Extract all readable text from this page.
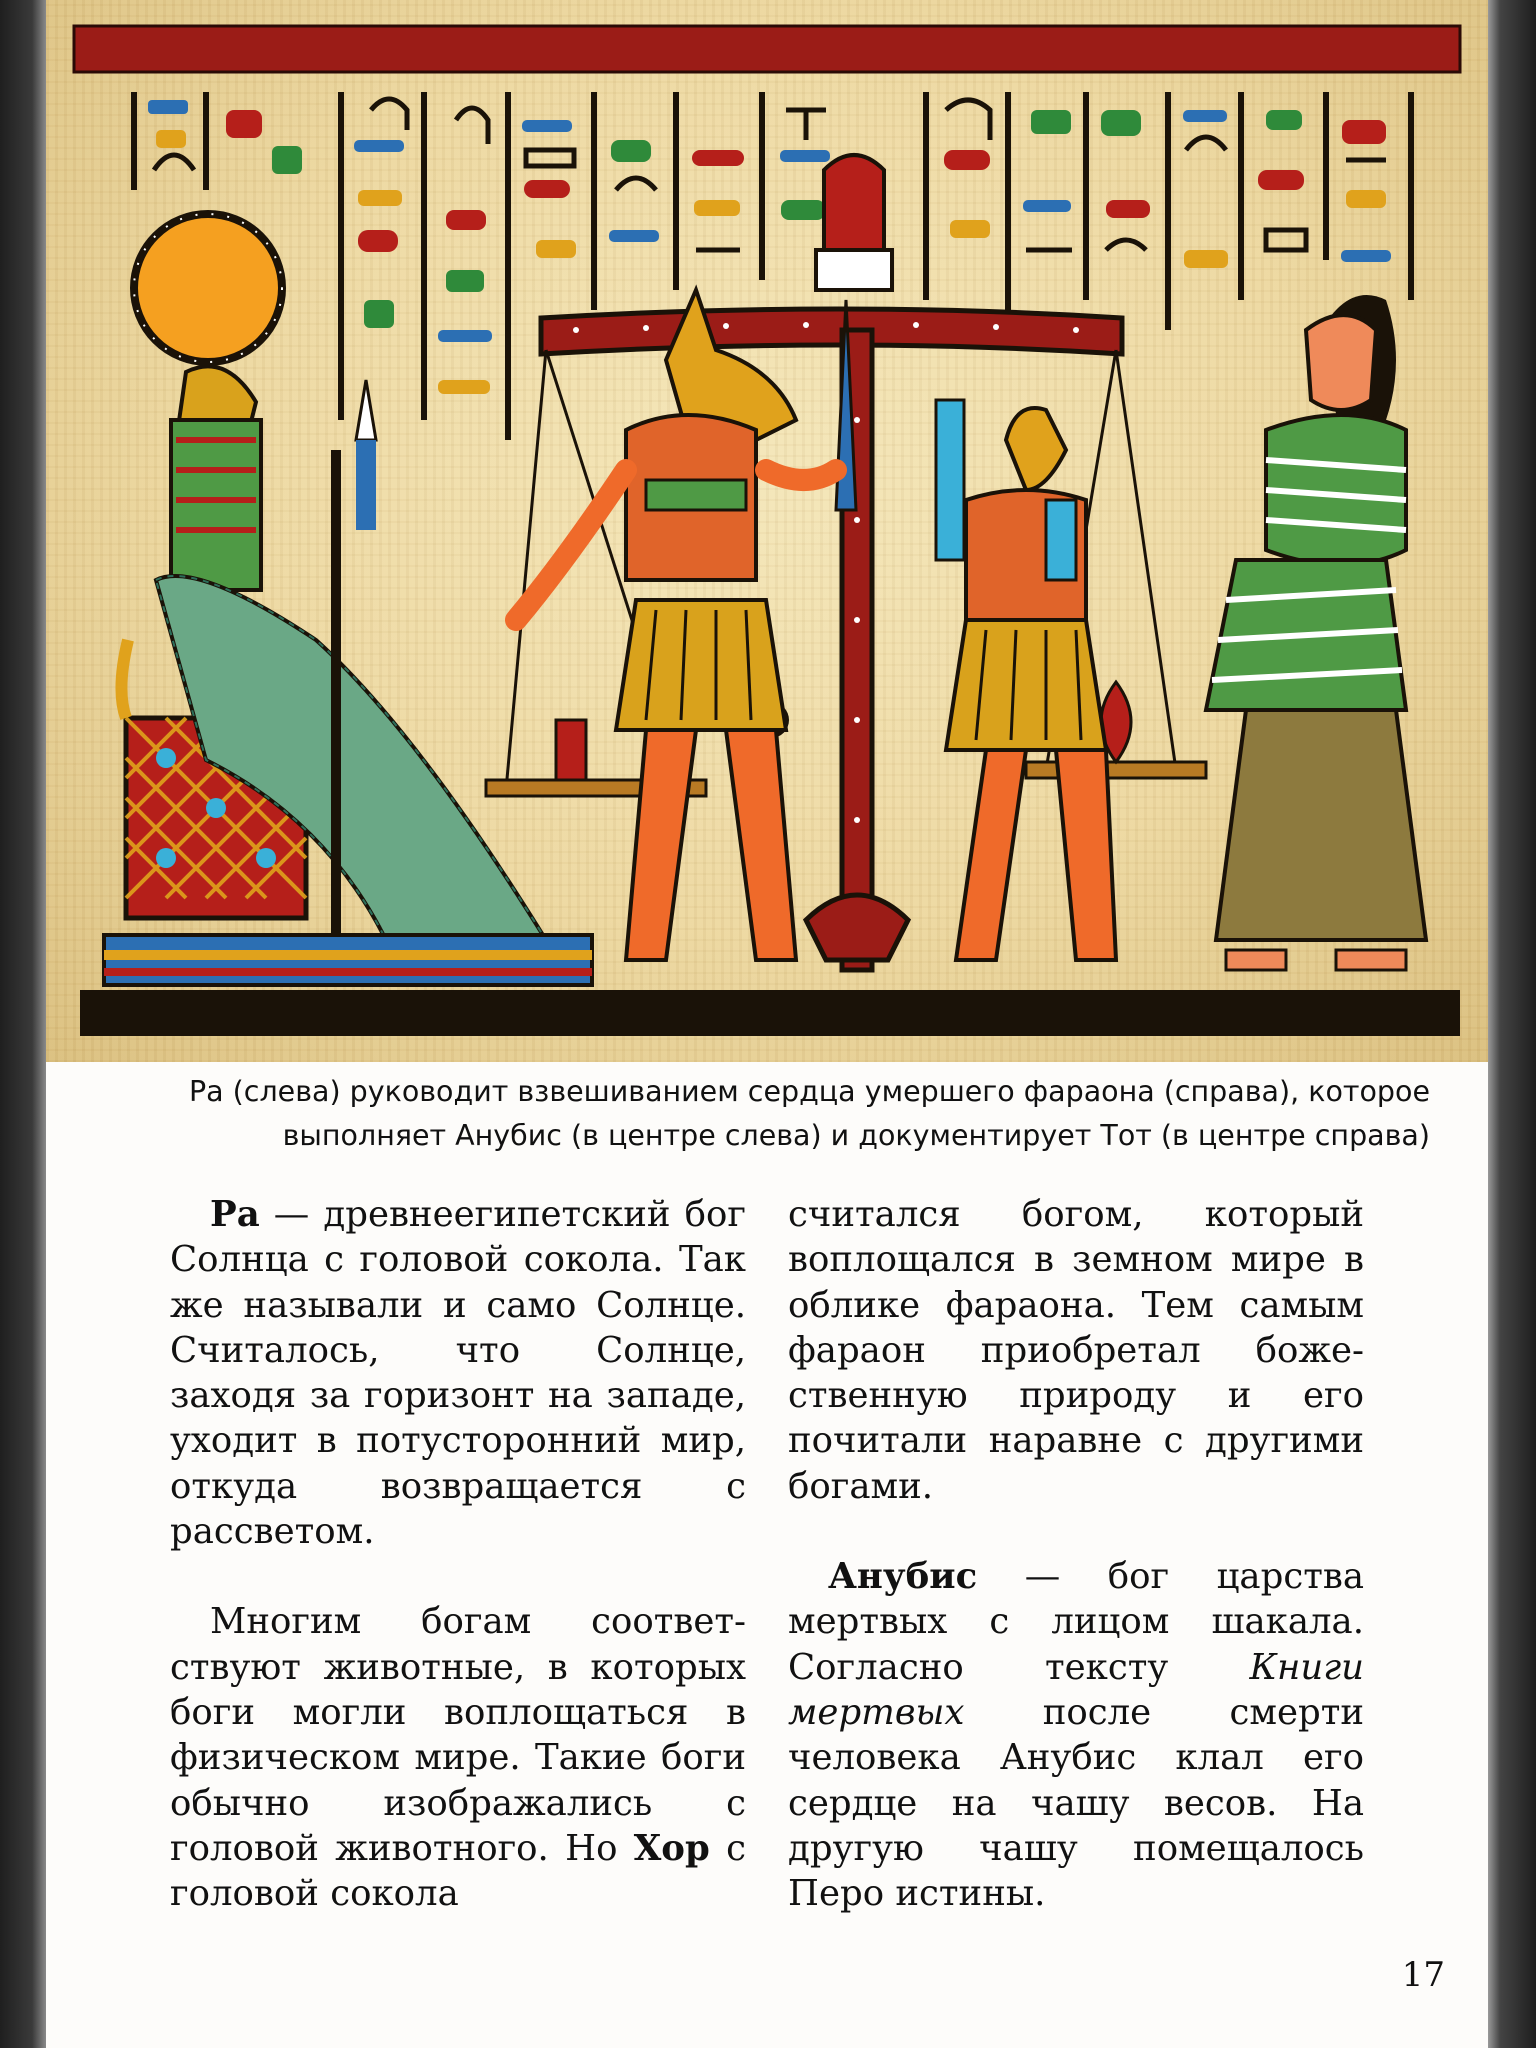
Ра (слева) руководит взвешиванием сердца умершего фараона (справа), которое
выполняет Анубис (в центре слева) и документирует Тот (в центре справа)

Ра — древнеегипетский бог Солнца с головой сокола. Так же называли и само Солнце. Считалось, что Солнце, заходя за горизонт на западе, уходит в потусторонний мир, откуда возвращается с рассветом.

Многим богам соответствуют животные, в которых боги могли воплощаться в физическом мире. Такие боги обычно изображались с головой животного. Но Хор с головой сокола

считался богом, который воплощался в земном мире в облике фараона. Тем самым фараон приобретал божественную природу и его почитали наравне с другими богами.

Анубис — бог царства мертвых с лицом шакала. Согласно тексту Книги мертвых после смерти человека Анубис клал его сердце на чашу весов. На другую чашу помещалось Перо истины.

17
